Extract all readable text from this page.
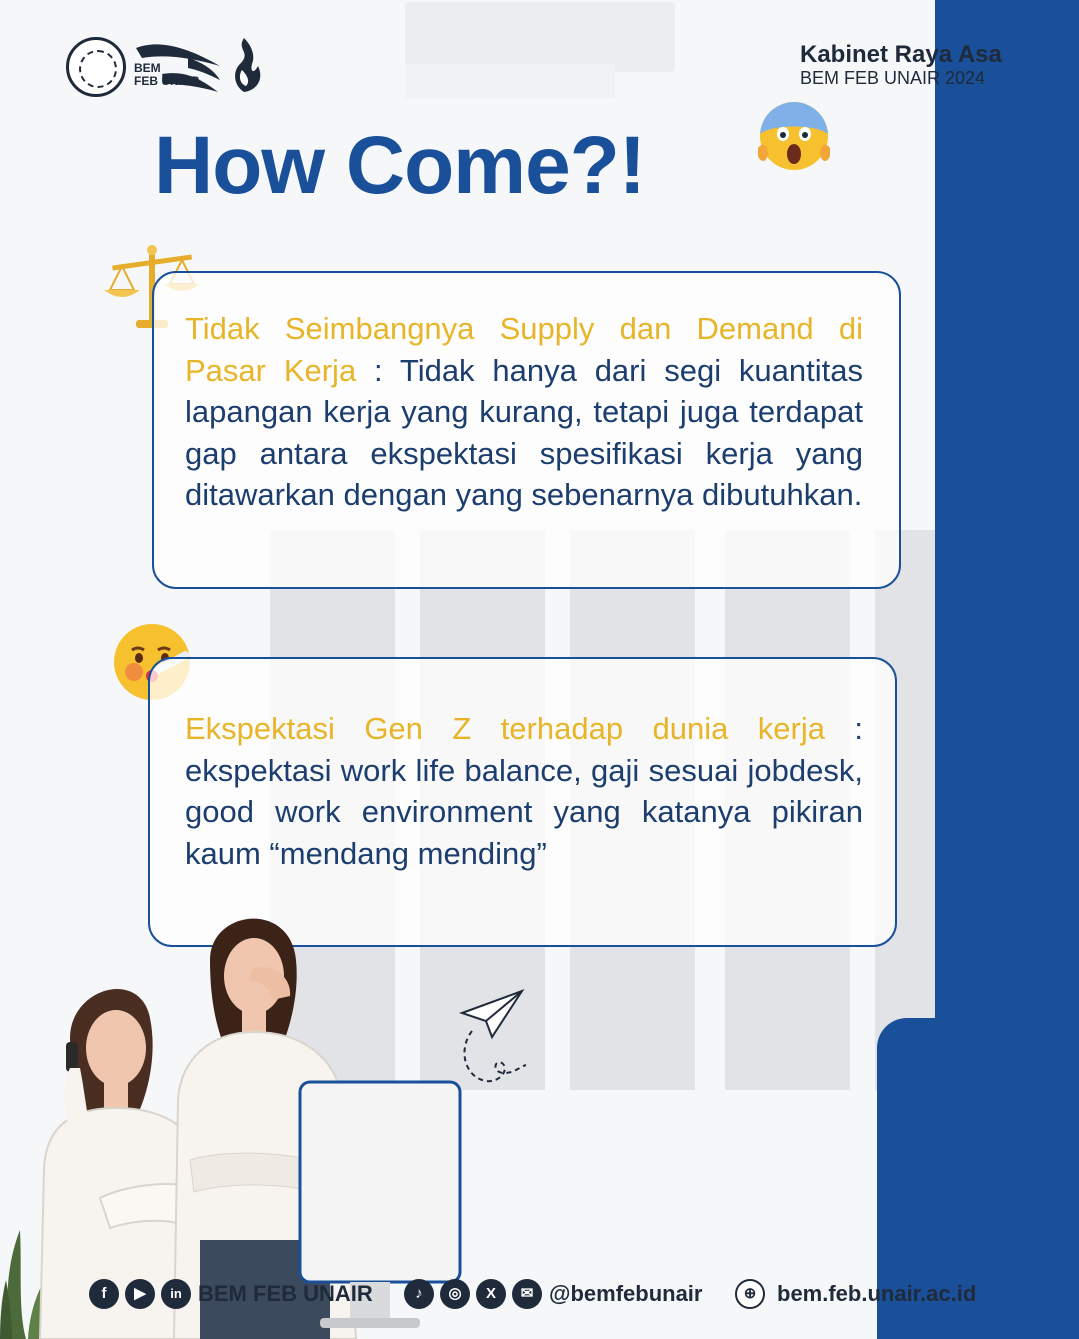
BEM
FEB UNAIR
Kabinet Raya Asa
BEM FEB UNAIR 2024
How Come?!
Tidak Seimbangnya Supply dan Demand di Pasar Kerja : Tidak hanya dari segi kuantitas lapangan kerja yang kurang, tetapi juga terdapat gap antara ekspektasi spesifikasi kerja yang ditawarkan dengan yang sebenarnya dibutuhkan.
Ekspektasi Gen Z terhadap dunia kerja : ekspektasi work life balance, gaji sesuai jobdesk, good work environment yang katanya pikiran kaum “mendang mending”
f	▶	in BEM FEB UNAIR	♪	◎	X	✉ @bemfebunair	⊕ bem.feb.unair.ac.id
